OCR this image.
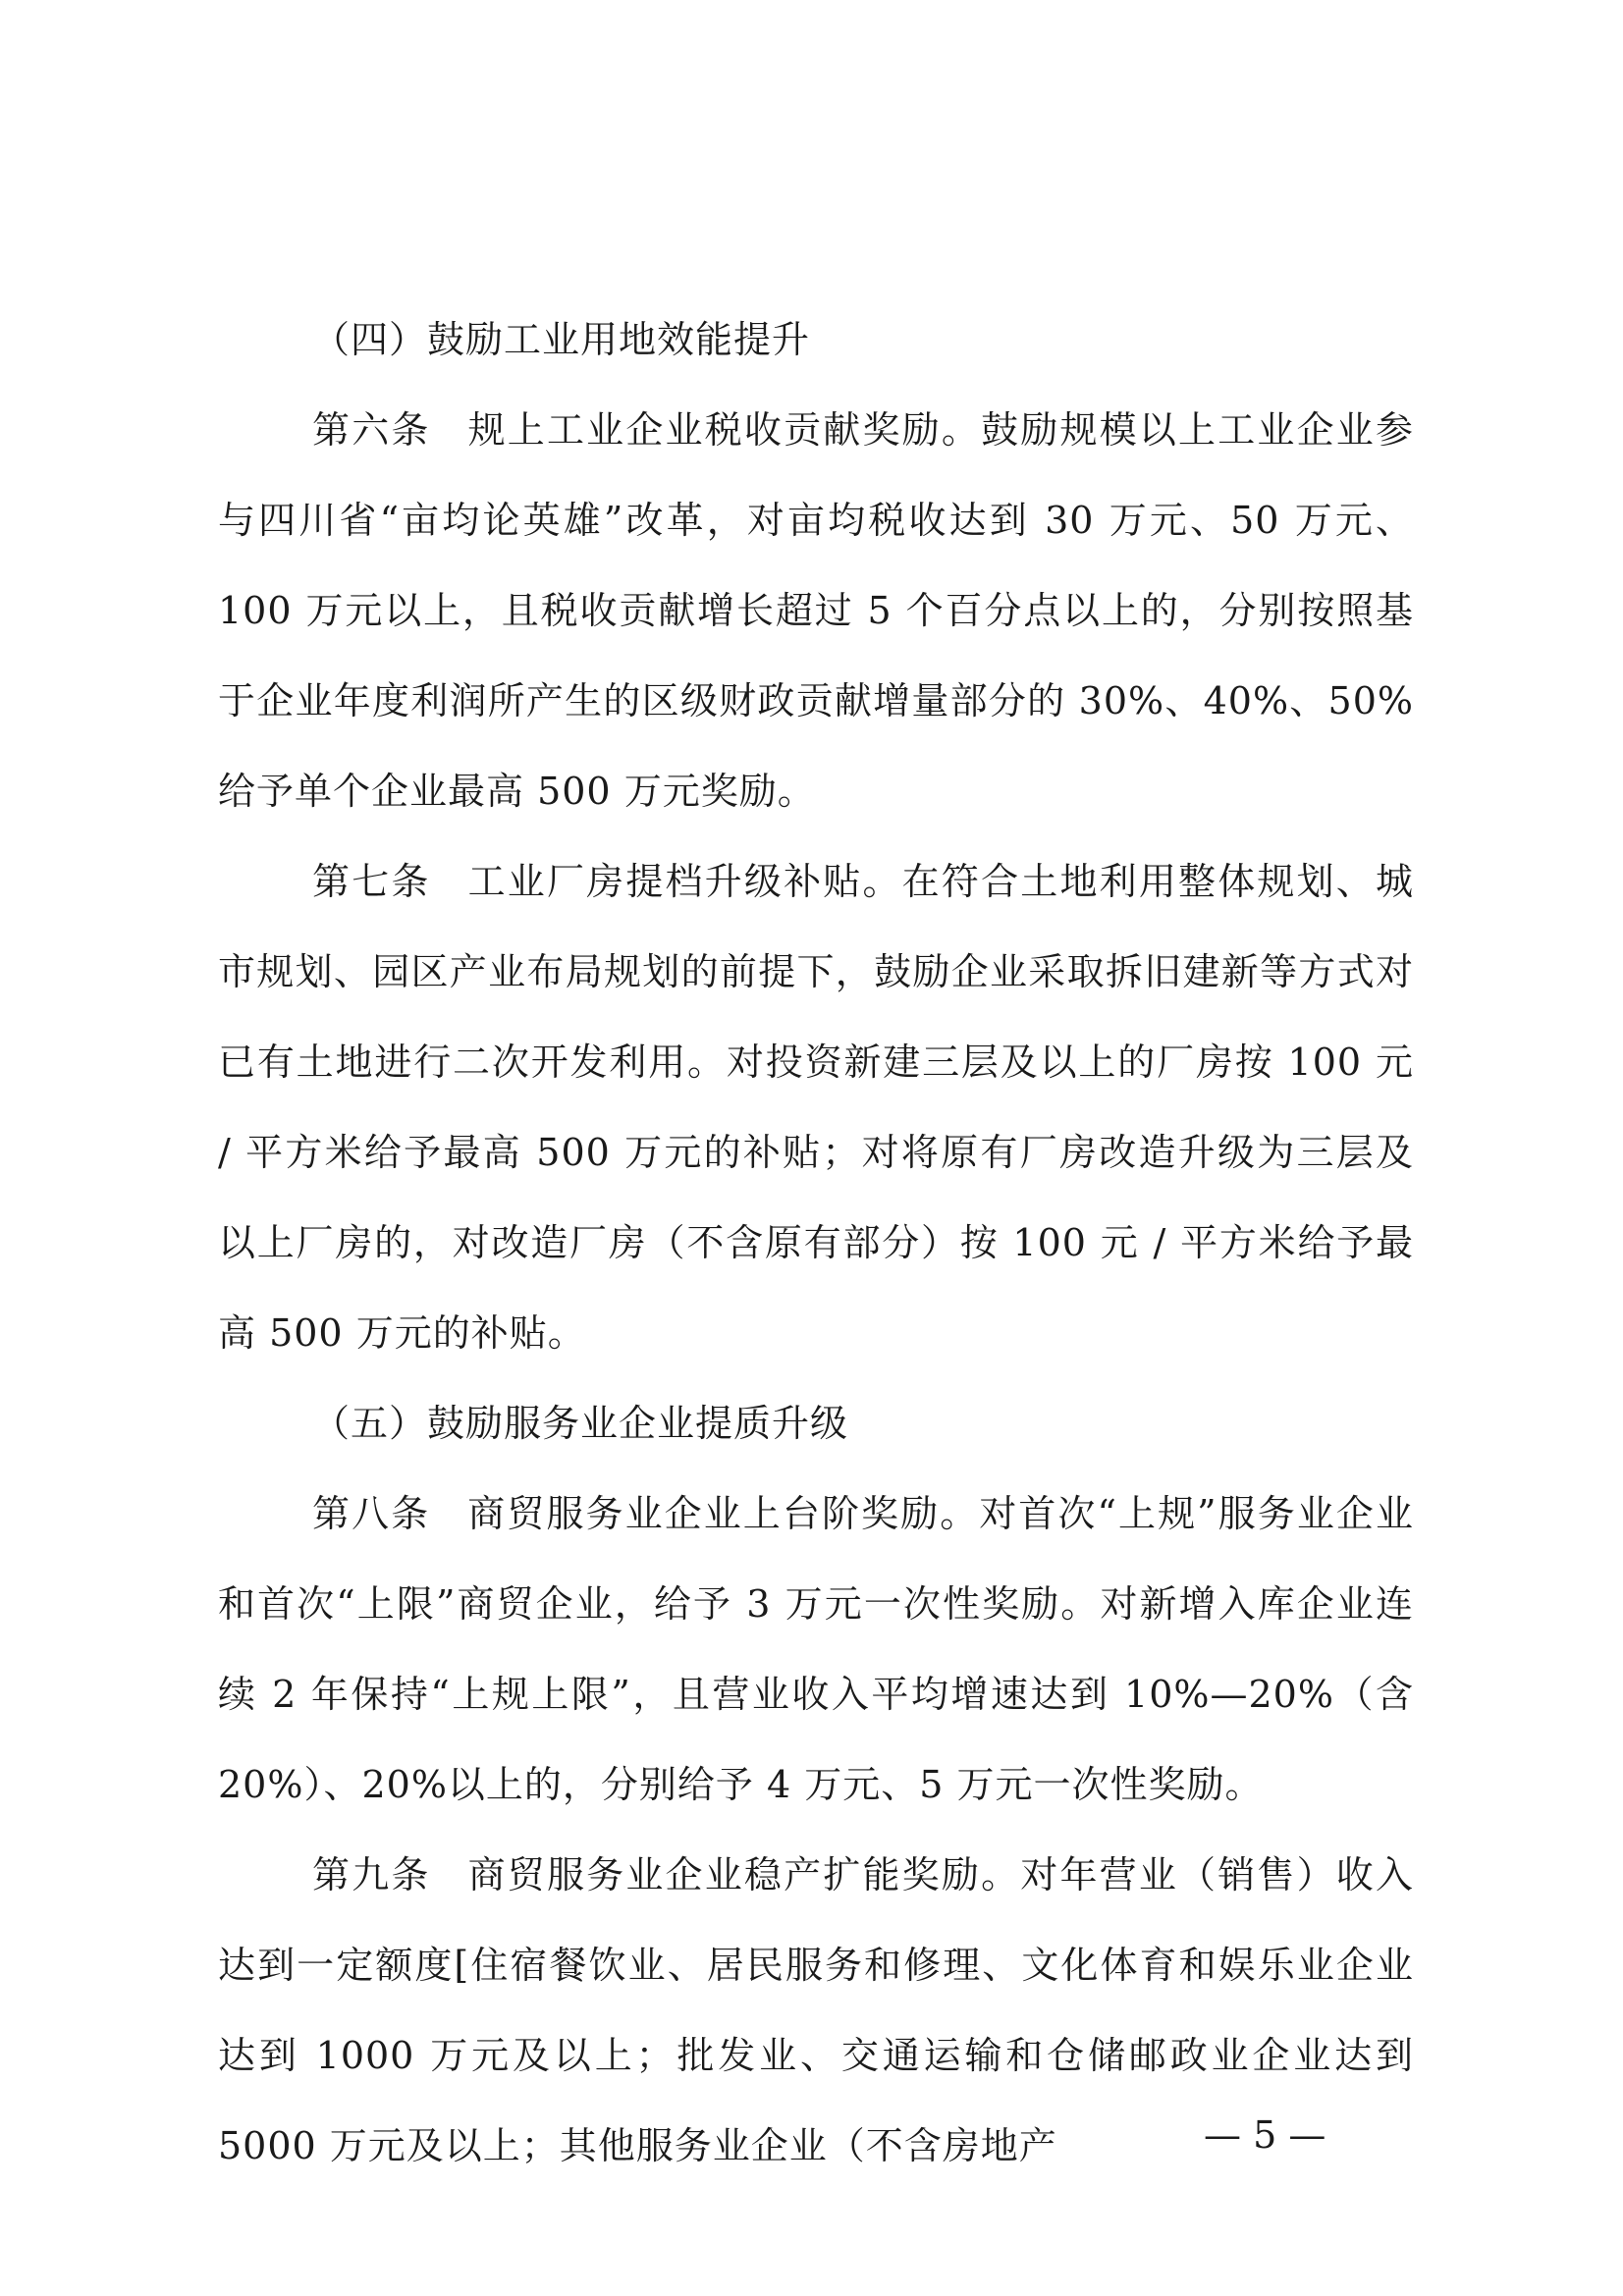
（四）鼓励工业用地效能提升

第六条 规上工业企业税收贡献奖励。鼓励规模以上工业企业参与四川省“亩均论英雄”改革，对亩均税收达到 30 万元、50 万元、100 万元以上，且税收贡献增长超过 5 个百分点以上的，分别按照基于企业年度利润所产生的区级财政贡献增量部分的 30%、40%、50%给予单个企业最高 500 万元奖励。

第七条 工业厂房提档升级补贴。在符合土地利用整体规划、城市规划、园区产业布局规划的前提下，鼓励企业采取拆旧建新等方式对已有土地进行二次开发利用。对投资新建三层及以上的厂房按 100 元 / 平方米给予最高 500 万元的补贴；对将原有厂房改造升级为三层及以上厂房的，对改造厂房（不含原有部分）按 100 元 / 平方米给予最高 500 万元的补贴。

（五）鼓励服务业企业提质升级

第八条 商贸服务业企业上台阶奖励。对首次“上规”服务业企业和首次“上限”商贸企业，给予 3 万元一次性奖励。对新增入库企业连续 2 年保持“上规上限”，且营业收入平均增速达到 10%—20%（含 20%）、20%以上的，分别给予 4 万元、5 万元一次性奖励。

第九条 商贸服务业企业稳产扩能奖励。对年营业（销售）收入达到一定额度[住宿餐饮业、居民服务和修理、文化体育和娱乐业企业达到 1000 万元及以上；批发业、交通运输和仓储邮政业企业达到 5000 万元及以上；其他服务业企业（不含房地产	— 5 —
